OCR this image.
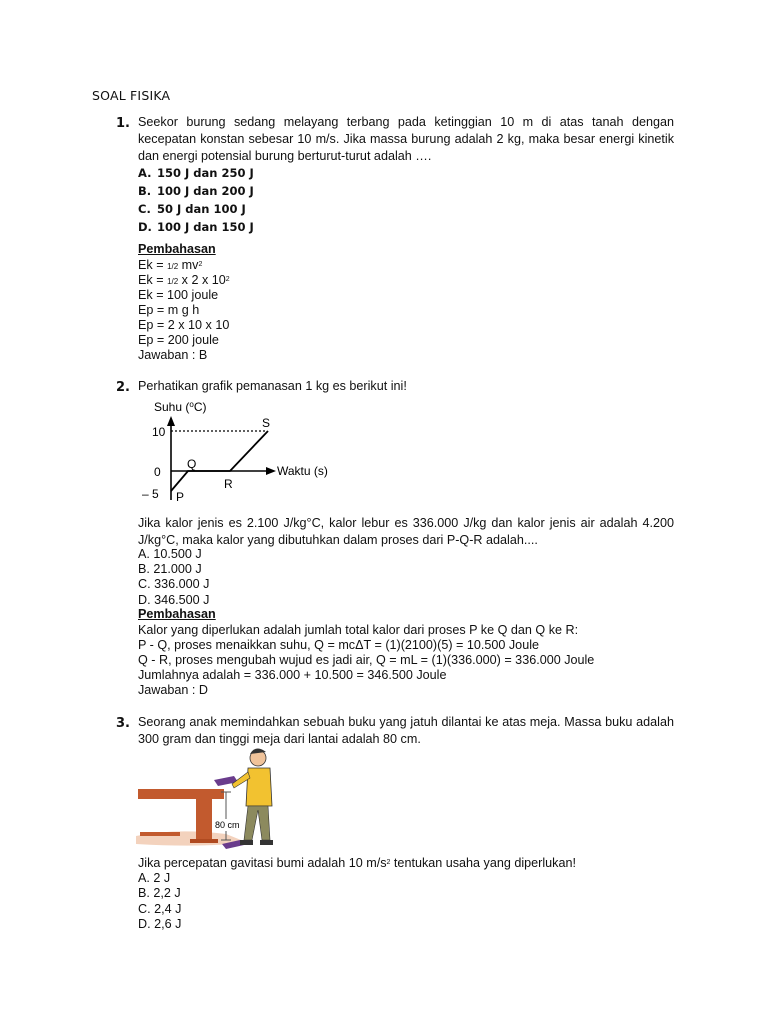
SOAL FISIKA
1. Seekor burung sedang melayang terbang pada ketinggian 10 m di atas tanah dengan kecepatan konstan sebesar 10 m/s. Jika massa burung adalah 2 kg, maka besar energi kinetik dan energi potensial burung berturut-turut adalah ….
A. 150 J dan 250 J
B. 100 J dan 200 J
C. 50 J dan 100 J
D. 100 J dan 150 J
Pembahasan
Ek = 1/2 $mv^2$
Ek = 1/2 x 2 x $10^2$
Ek = 100 joule
Ep = m g h
Ep = 2 x 10 x 10
Ep = 200 joule
Jawaban : B
2. Perhatikan grafik pemanasan 1 kg es berikut ini!
Suhu ($^o$C)
10
0
– 5
Waktu (s)
P
Q
R
S
Jika kalor jenis es 2.100 J/kg°C, kalor lebur es 336.000 J/kg dan kalor jenis air adalah 4.200 J/kg°C, maka kalor yang dibutuhkan dalam proses dari P-Q-R adalah....
A. 10.500 J
B. 21.000 J
C. 336.000 J
D. 346.500 J
Pembahasan
Kalor yang diperlukan adalah jumlah total kalor dari proses P ke Q dan Q ke R:
P - Q, proses menaikkan suhu, Q = mcΔT = (1)(2100)(5) = 10.500 Joule
Q - R, proses mengubah wujud es jadi air, Q = mL = (1)(336.000) = 336.000 Joule
Jumlahnya adalah = 336.000 + 10.500 = 346.500 Joule
Jawaban : D
3. Seorang anak memindahkan sebuah buku yang jatuh dilantai ke atas meja. Massa buku adalah 300 gram dan tinggi meja dari lantai adalah 80 cm.
80 cm
Jika percepatan gavitasi bumi adalah 10 $m/s^2$ tentukan usaha yang diperlukan!
A. 2 J
B. 2,2 J
C. 2,4 J
D. 2,6 J
